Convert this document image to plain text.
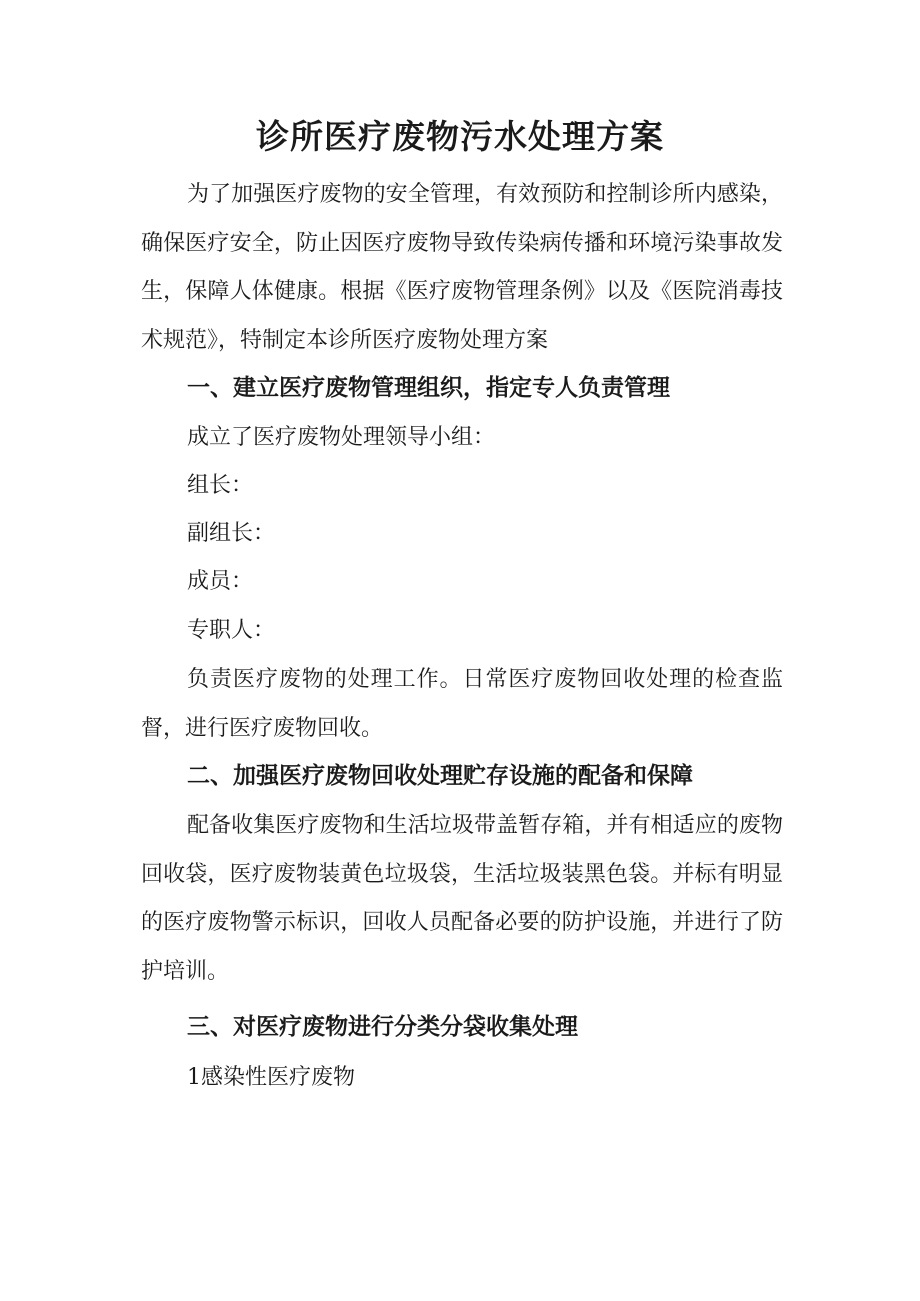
诊所医疗废物污水处理方案

为了加强医疗废物的安全管理，有效预防和控制诊所内感染，确保医疗安全，防止因医疗废物导致传染病传播和环境污染事故发生，保障人体健康。根据《医疗废物管理条例》以及《医院消毒技术规范》，特制定本诊所医疗废物处理方案

一、建立医疗废物管理组织，指定专人负责管理

成立了医疗废物处理领导小组：

组长：

副组长：

成员：

专职人：

负责医疗废物的处理工作。日常医疗废物回收处理的检查监督，进行医疗废物回收。

二、加强医疗废物回收处理贮存设施的配备和保障

配备收集医疗废物和生活垃圾带盖暂存箱，并有相适应的废物回收袋，医疗废物装黄色垃圾袋，生活垃圾装黑色袋。并标有明显的医疗废物警示标识，回收人员配备必要的防护设施，并进行了防护培训。

三、对医疗废物进行分类分袋收集处理

1感染性医疗废物
